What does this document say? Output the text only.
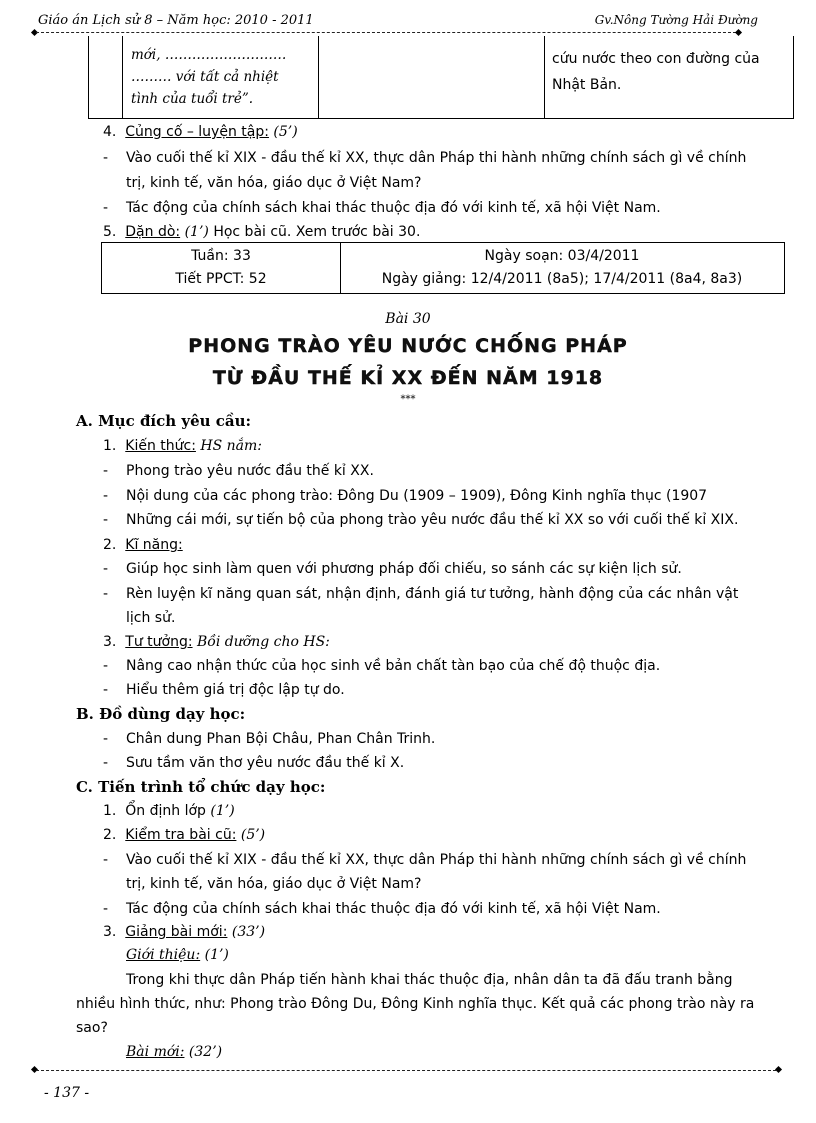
Giáo án Lịch sử 8 – Năm học: 2010 - 2011	Gv.Nông Tường Hải Đường
mới, ………………………
……… với tất cả nhiệt
tình của tuổi trẻ”.
cứu nước theo con đường của
Nhật Bản.
4. Củng cố – luyện tập: (5’)
- Vào cuối thế kỉ XIX - đầu thế kỉ XX, thực dân Pháp thi hành những chính sách gì về chính
trị, kinh tế, văn hóa, giáo dục ở Việt Nam?
- Tác động của chính sách khai thác thuộc địa đó với kinh tế, xã hội Việt Nam.
5. Dặn dò: (1’) Học bài cũ. Xem trước bài 30.
Tuần: 33
Tiết PPCT: 52
Ngày soạn: 03/4/2011
Ngày giảng: 12/4/2011 (8a5); 17/4/2011 (8a4, 8a3)
Bài 30
PHONG TRÀO YÊU NƯỚC CHỐNG PHÁP
TỪ ĐẦU THẾ KỈ XX ĐẾN NĂM 1918
***
A. Mục đích yêu cầu:
1. Kiến thức: HS nắm:
- Phong trào yêu nước đầu thế kỉ XX.
- Nội dung của các phong trào: Đông Du (1909 – 1909), Đông Kinh nghĩa thục (1907
- Những cái mới, sự tiến bộ của phong trào yêu nước đầu thế kỉ XX so với cuối thế kỉ XIX.
2. Kĩ năng:
- Giúp học sinh làm quen với phương pháp đối chiếu, so sánh các sự kiện lịch sử.
- Rèn luyện kĩ năng quan sát, nhận định, đánh giá tư tưởng, hành động của các nhân vật
lịch sử.
3. Tư tưởng: Bồi dưỡng cho HS:
- Nâng cao nhận thức của học sinh về bản chất tàn bạo của chế độ thuộc địa.
- Hiểu thêm giá trị độc lập tự do.
B. Đồ dùng dạy học:
- Chân dung Phan Bội Châu, Phan Chân Trinh.
- Sưu tầm văn thơ yêu nước đầu thế kỉ X.
C. Tiến trình tổ chức dạy học:
1. Ổn định lớp (1’)
2. Kiểm tra bài cũ: (5’)
- Vào cuối thế kỉ XIX - đầu thế kỉ XX, thực dân Pháp thi hành những chính sách gì về chính
trị, kinh tế, văn hóa, giáo dục ở Việt Nam?
- Tác động của chính sách khai thác thuộc địa đó với kinh tế, xã hội Việt Nam.
3. Giảng bài mới: (33’)
Giới thiệu: (1’)
Trong khi thực dân Pháp tiến hành khai thác thuộc địa, nhân dân ta đã đấu tranh bằng
nhiều hình thức, như: Phong trào Đông Du, Đông Kinh nghĩa thục. Kết quả các phong trào này ra
sao?
Bài mới: (32’)
- 137 -
